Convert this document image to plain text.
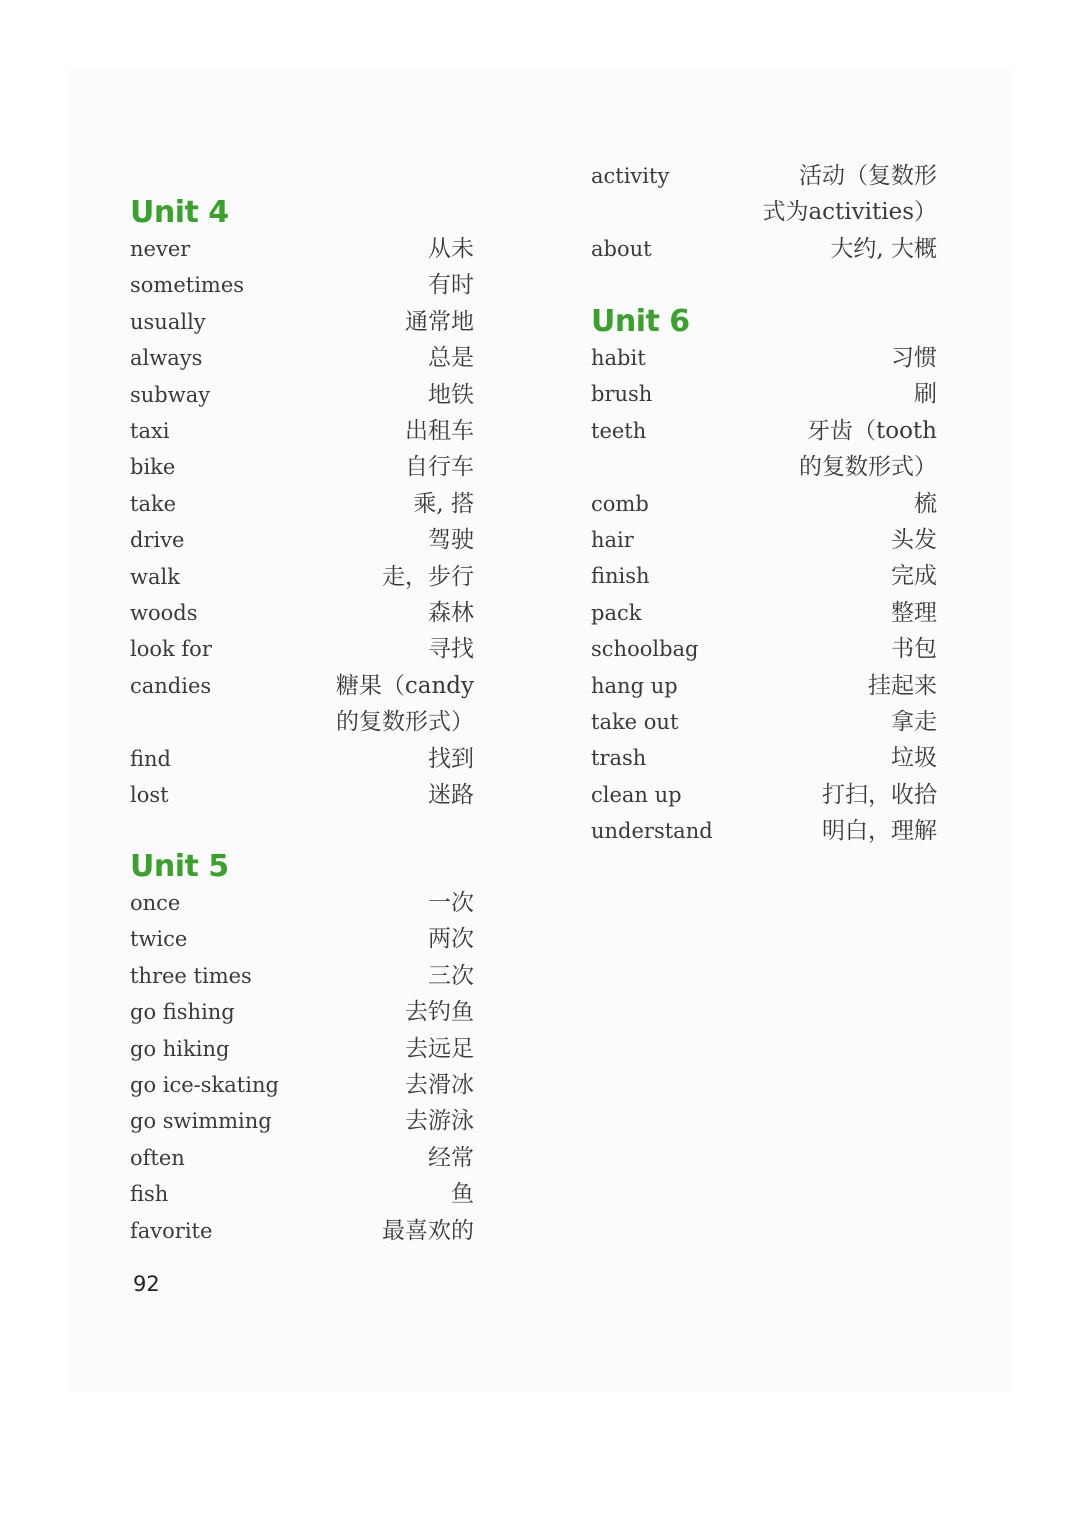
Unit 4
never	从未
sometimes	有时
usually	通常地
always	总是
subway	地铁
taxi	出租车
bike	自行车
take	乘, 搭
drive	驾驶
walk	走，步行
woods	森林
look for	寻找
candies	糖果（candy
的复数形式）
find	找到
lost	迷路
Unit 5
once	一次
twice	两次
three times	三次
go fishing	去钓鱼
go hiking	去远足
go ice-skating	去滑冰
go swimming	去游泳
often	经常
fish	鱼
favorite	最喜欢的
activity	活动（复数形
式为activities）
about	大约, 大概
Unit 6
habit	习惯
brush	刷
teeth	牙齿（tooth
的复数形式）
comb	梳
hair	头发
finish	完成
pack	整理
schoolbag	书包
hang up	挂起来
take out	拿走
trash	垃圾
clean up	打扫，收拾
understand	明白，理解
92
